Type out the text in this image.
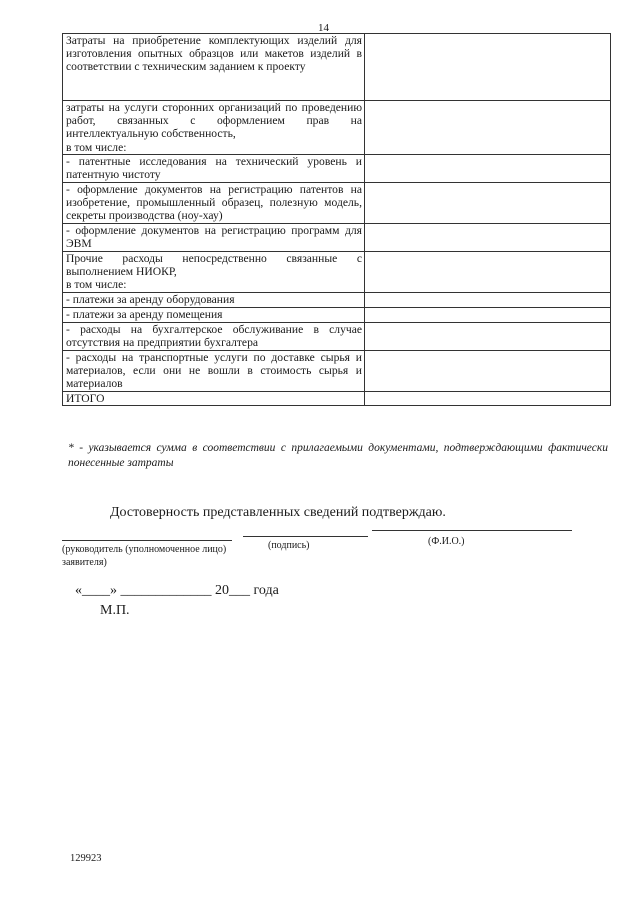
14
Затраты на приобретение комплектующих изделий для изготовления опытных образцов или макетов изделий в соответствии с техническим заданием к проекту	
затраты на услуги сторонних организаций по проведению работ, связанных с оформлением прав на интеллектуальную собственность,
в том числе:	
- патентные исследования на технический уровень и патентную чистоту	
- оформление документов на регистрацию патентов на изобретение, промышленный образец, полезную модель, секреты производства (ноу-хау)	
- оформление документов на регистрацию программ для ЭВМ	
Прочие расходы непосредственно связанные с выполнением НИОКР,
в том числе:	
- платежи за аренду оборудования	
- платежи за аренду помещения	
- расходы на бухгалтерское обслуживание в случае отсутствия на предприятии бухгалтера	
- расходы на транспортные услуги по доставке сырья и материалов, если они не вошли в стоимость сырья и материалов	
ИТОГО	
* - указывается сумма в соответствии с прилагаемыми документами, подтверждающими фактически понесенные затраты
Достоверность представленных сведений подтверждаю.
(руководитель (уполномоченное лицо) заявителя)
(подпись)	(Ф.И.О.)
«____» _____________ 20___ года
М.П.
129923
